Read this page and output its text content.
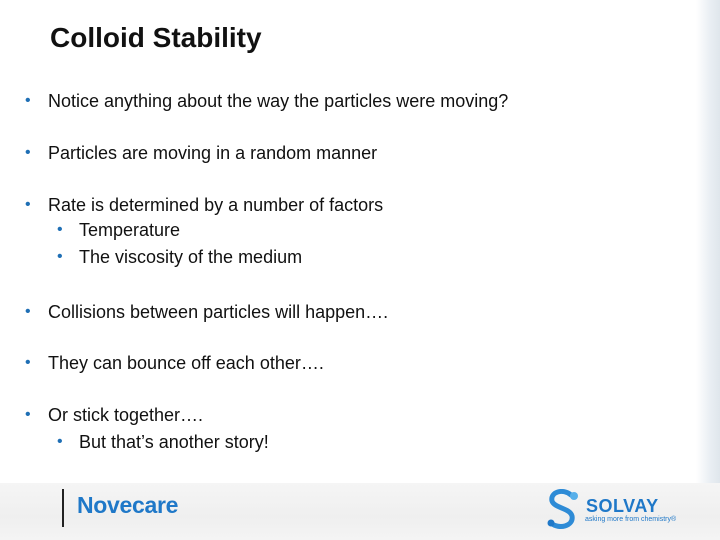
Colloid Stability
• Notice anything about the way the particles were moving?
• Particles are moving in a random manner
• Rate is determined by a number of factors
• Temperature
• The viscosity of the medium
• Collisions between particles will happen….
• They can bounce off each other….
• Or stick together….
• But that’s another story!
Novecare	SOLVAY
asking more from chemistry®
